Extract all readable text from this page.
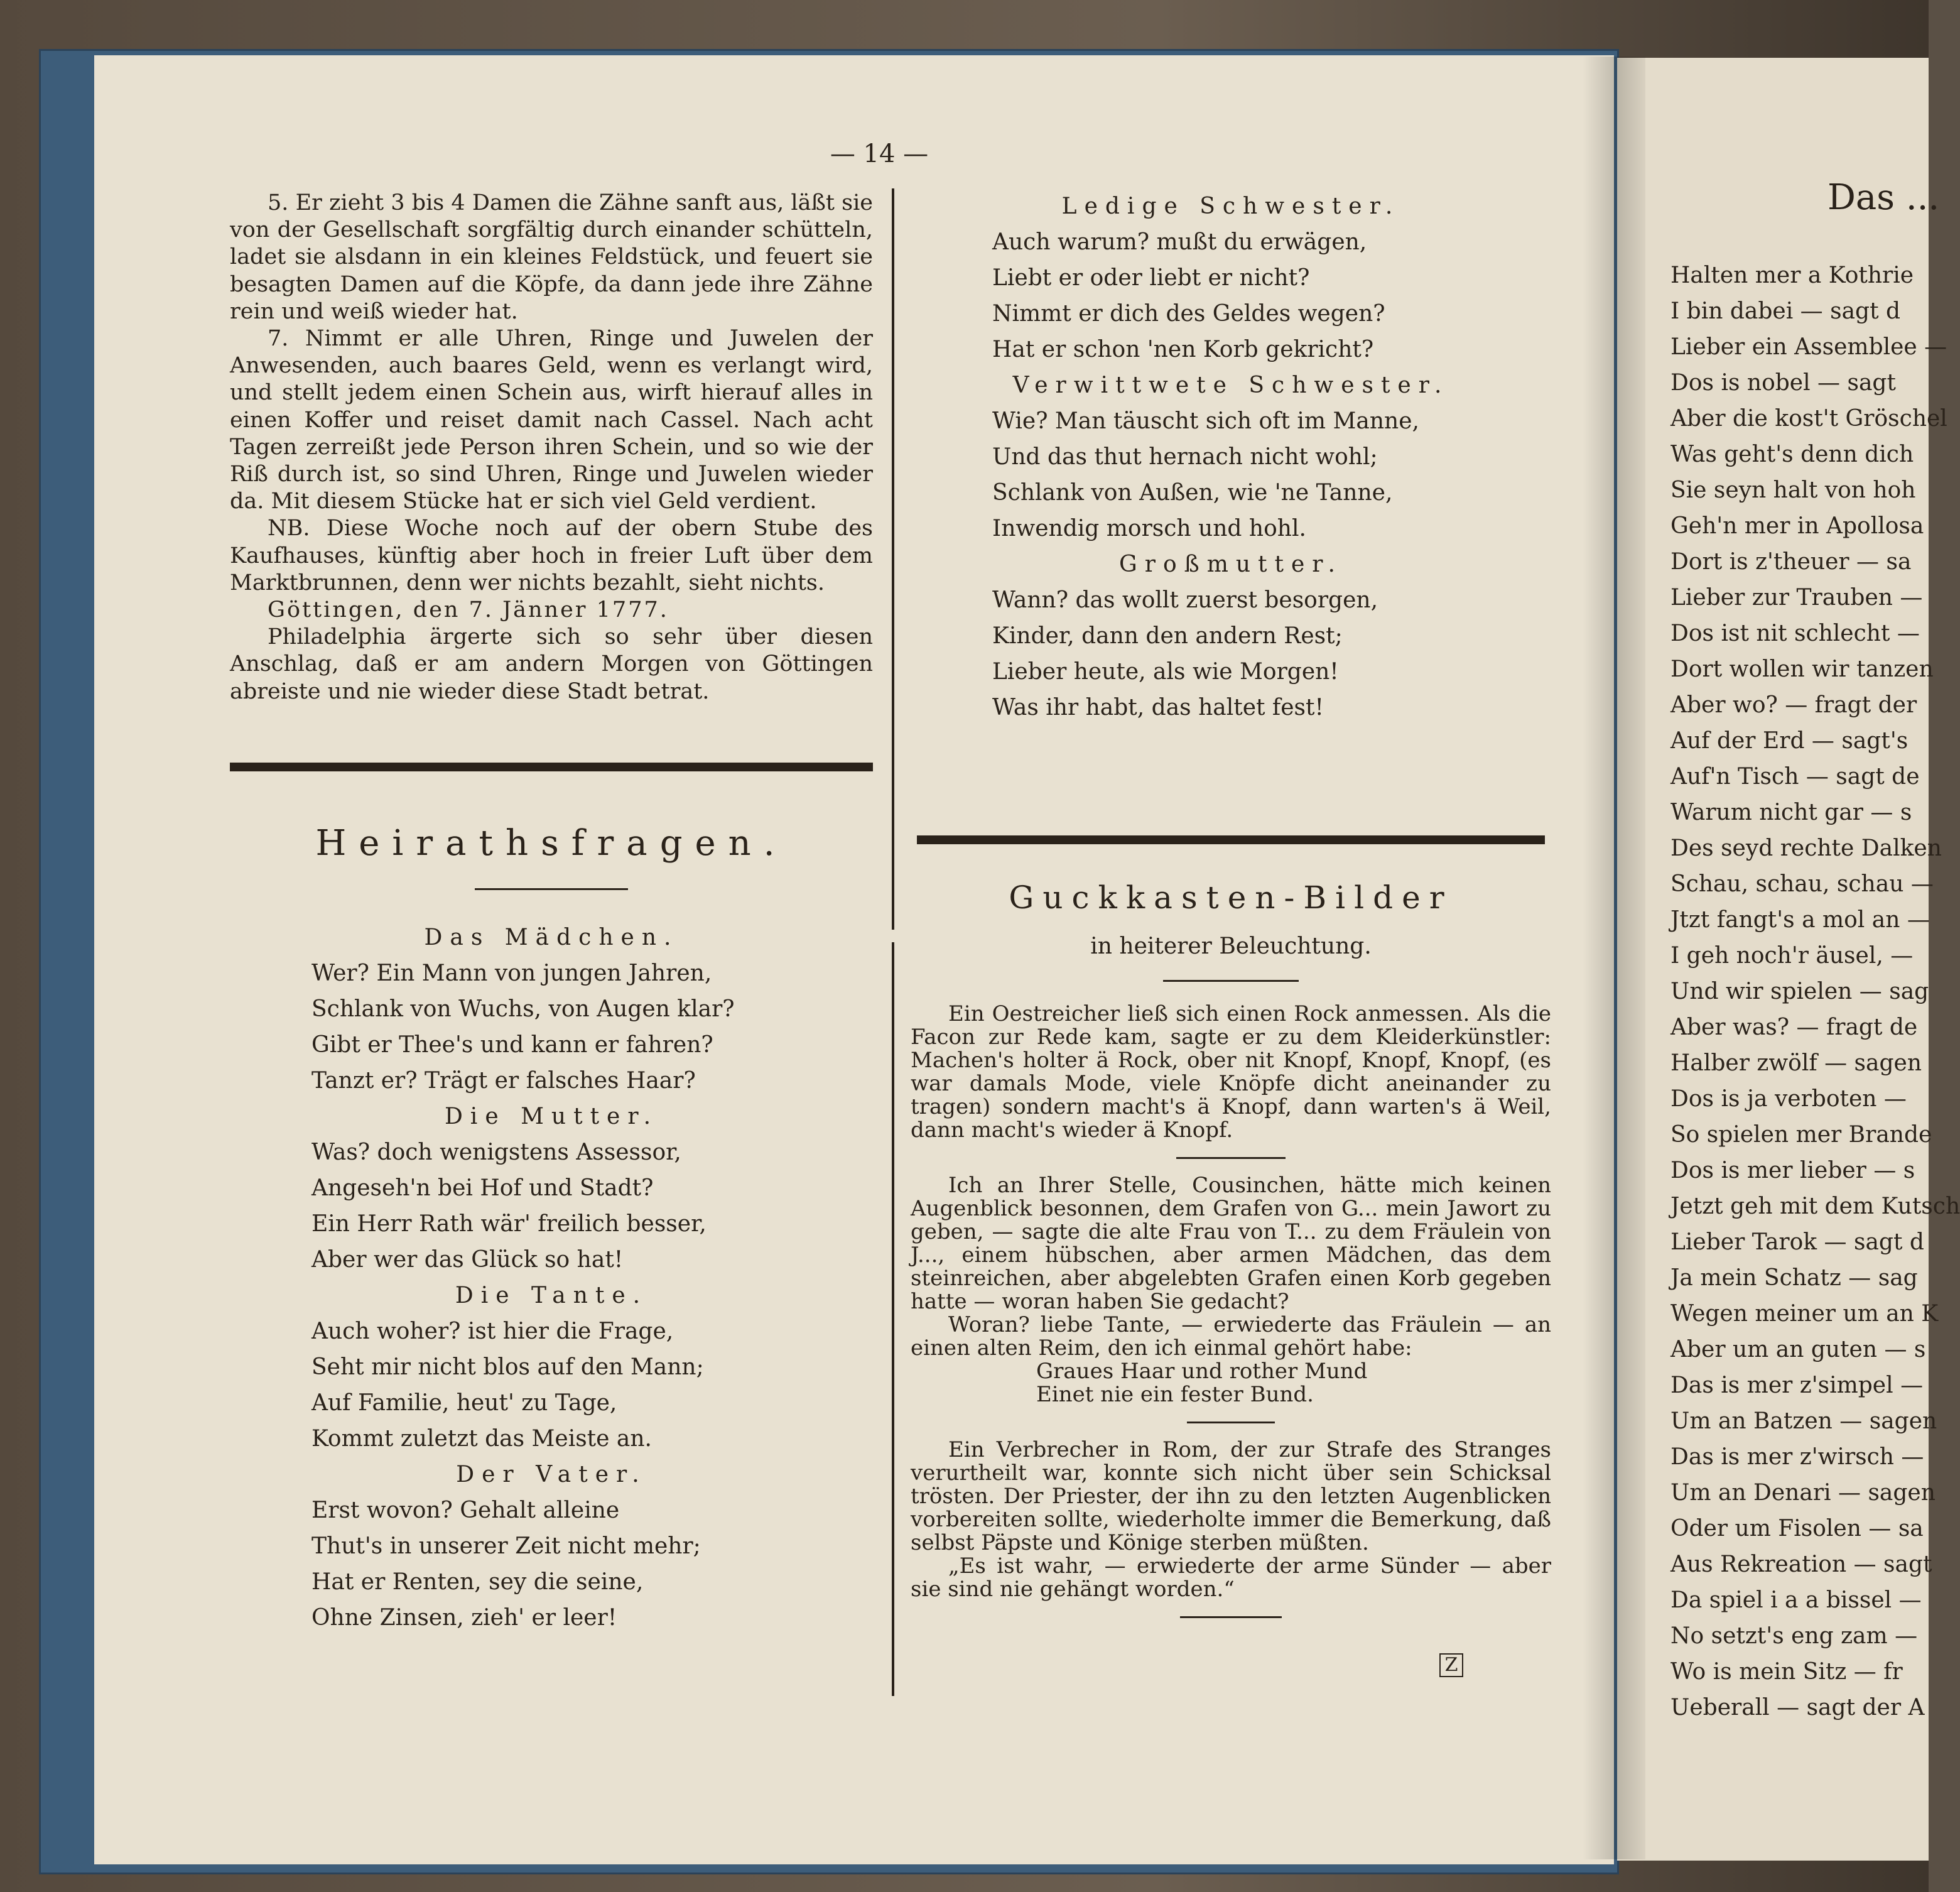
— 14 —

5. Er zieht 3 bis 4 Damen die Zähne sanft aus, läßt sie von der Gesellschaft sorgfältig durch einander schütteln, ladet sie alsdann in ein kleines Feldstück, und feuert sie besagten Damen auf die Köpfe, da dann jede ihre Zähne rein und weiß wieder hat.

7. Nimmt er alle Uhren, Ringe und Juwelen der Anwesenden, auch baares Geld, wenn es verlangt wird, und stellt jedem einen Schein aus, wirft hierauf alles in einen Koffer und reiset damit nach Cassel. Nach acht Tagen zerreißt jede Person ihren Schein, und so wie der Riß durch ist, so sind Uhren, Ringe und Juwelen wieder da. Mit diesem Stücke hat er sich viel Geld verdient.

NB. Diese Woche noch auf der obern Stube des Kaufhauses, künftig aber hoch in freier Luft über dem Marktbrunnen, denn wer nichts bezahlt, sieht nichts.

Göttingen, den 7. Jänner 1777.

Philadelphia ärgerte sich so sehr über diesen Anschlag, daß er am andern Morgen von Göttingen abreiste und nie wieder diese Stadt betrat.

Heirathsfragen.
Das Mädchen.
Wer? Ein Mann von jungen Jahren,
Schlank von Wuchs, von Augen klar?
Gibt er Thee's und kann er fahren?
Tanzt er? Trägt er falsches Haar?
Die Mutter.
Was? doch wenigstens Assessor,
Angeseh'n bei Hof und Stadt?
Ein Herr Rath wär' freilich besser,
Aber wer das Glück so hat!
Die Tante.
Auch woher? ist hier die Frage,
Seht mir nicht blos auf den Mann;
Auf Familie, heut' zu Tage,
Kommt zuletzt das Meiste an.
Der Vater.
Erst wovon? Gehalt alleine
Thut's in unserer Zeit nicht mehr;
Hat er Renten, sey die seine,
Ohne Zinsen, zieh' er leer!
Ledige Schwester.
Auch warum? mußt du erwägen,
Liebt er oder liebt er nicht?
Nimmt er dich des Geldes wegen?
Hat er schon 'nen Korb gekricht?
Verwittwete Schwester.
Wie? Man täuscht sich oft im Manne,
Und das thut hernach nicht wohl;
Schlank von Außen, wie 'ne Tanne,
Inwendig morsch und hohl.
Großmutter.
Wann? das wollt zuerst besorgen,
Kinder, dann den andern Rest;
Lieber heute, als wie Morgen!
Was ihr habt, das haltet fest!
Guckkasten-Bilder
in heiterer Beleuchtung.

Ein Oestreicher ließ sich einen Rock anmessen. Als die Facon zur Rede kam, sagte er zu dem Kleiderkünstler: Machen's holter ä Rock, ober nit Knopf, Knopf, Knopf, (es war damals Mode, viele Knöpfe dicht aneinander zu tragen) sondern macht's ä Knopf, dann warten's ä Weil, dann macht's wieder ä Knopf.

Ich an Ihrer Stelle, Cousinchen, hätte mich keinen Augenblick besonnen, dem Grafen von G... mein Jawort zu geben, — sagte die alte Frau von T... zu dem Fräulein von J..., einem hübschen, aber armen Mädchen, das dem steinreichen, aber abgelebten Grafen einen Korb gegeben hatte — woran haben Sie gedacht?

Woran? liebe Tante, — erwiederte das Fräulein — an einen alten Reim, den ich einmal gehört habe:

Graues Haar und rother Mund
Einet nie ein fester Bund.

Ein Verbrecher in Rom, der zur Strafe des Stranges verurtheilt war, konnte sich nicht über sein Schicksal trösten. Der Priester, der ihn zu den letzten Augenblicken vorbereiten sollte, wiederholte immer die Bemerkung, daß selbst Päpste und Könige sterben müßten.

„Es ist wahr, — erwiederte der arme Sünder — aber sie sind nie gehängt worden.“

Z
Das ...
Halten mer a Kothrie
I bin dabei — sagt d
Lieber ein Assemblee —
Dos is nobel — sagt
Aber die kost't Gröschel
Was geht's denn dich
Sie seyn halt von hoh
Geh'n mer in Apollosa
Dort is z'theuer — sa
Lieber zur Trauben —
Dos ist nit schlecht —
Dort wollen wir tanzen
Aber wo? — fragt der
Auf der Erd — sagt's
Auf'n Tisch — sagt de
Warum nicht gar — s
Des seyd rechte Dalken
Schau, schau, schau —
Jtzt fangt's a mol an —
I geh noch'r äusel, —
Und wir spielen — sag
Aber was? — fragt de
Halber zwölf — sagen
Dos is ja verboten —
So spielen mer Brande
Dos is mer lieber — s
Jetzt geh mit dem Kutsch
Lieber Tarok — sagt d
Ja mein Schatz — sag
Wegen meiner um an K
Aber um an guten — s
Das is mer z'simpel —
Um an Batzen — sagen
Das is mer z'wirsch —
Um an Denari — sagen
Oder um Fisolen — sa
Aus Rekreation — sagt
Da spiel i a a bissel —
No setzt's eng zam —
Wo is mein Sitz — fr
Ueberall — sagt der A
